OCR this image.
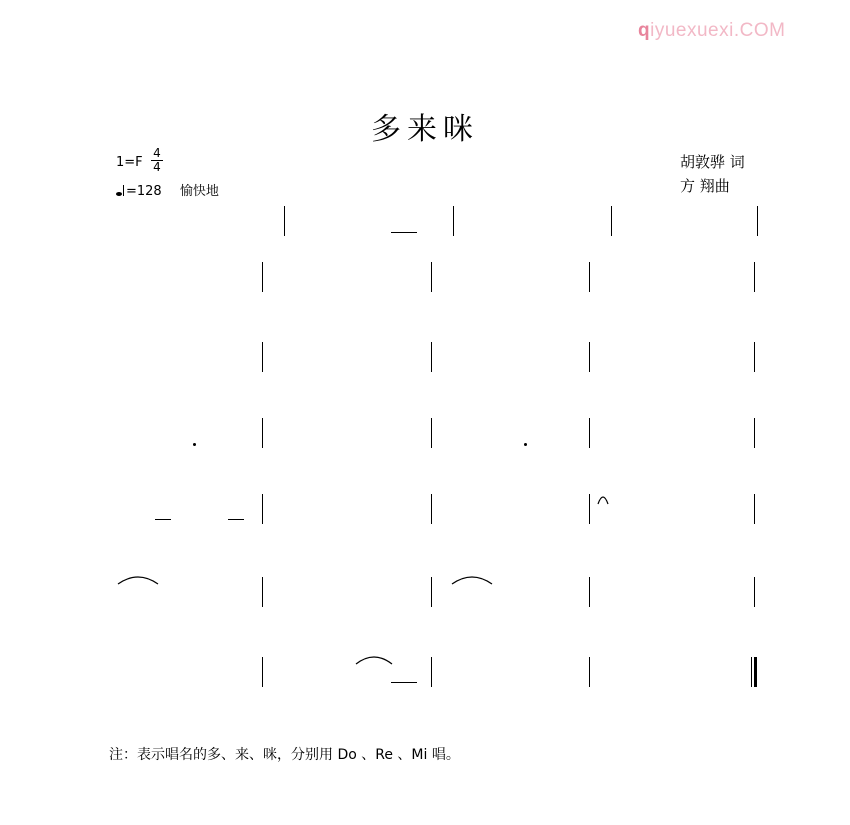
qiyuexuexi.COM
多来咪
1=F
4
4
=128 愉快地
胡敦骅 词
方 翔曲
注：表示唱名的多、来、咪，分别用 Do 、Re 、Mi 唱。
